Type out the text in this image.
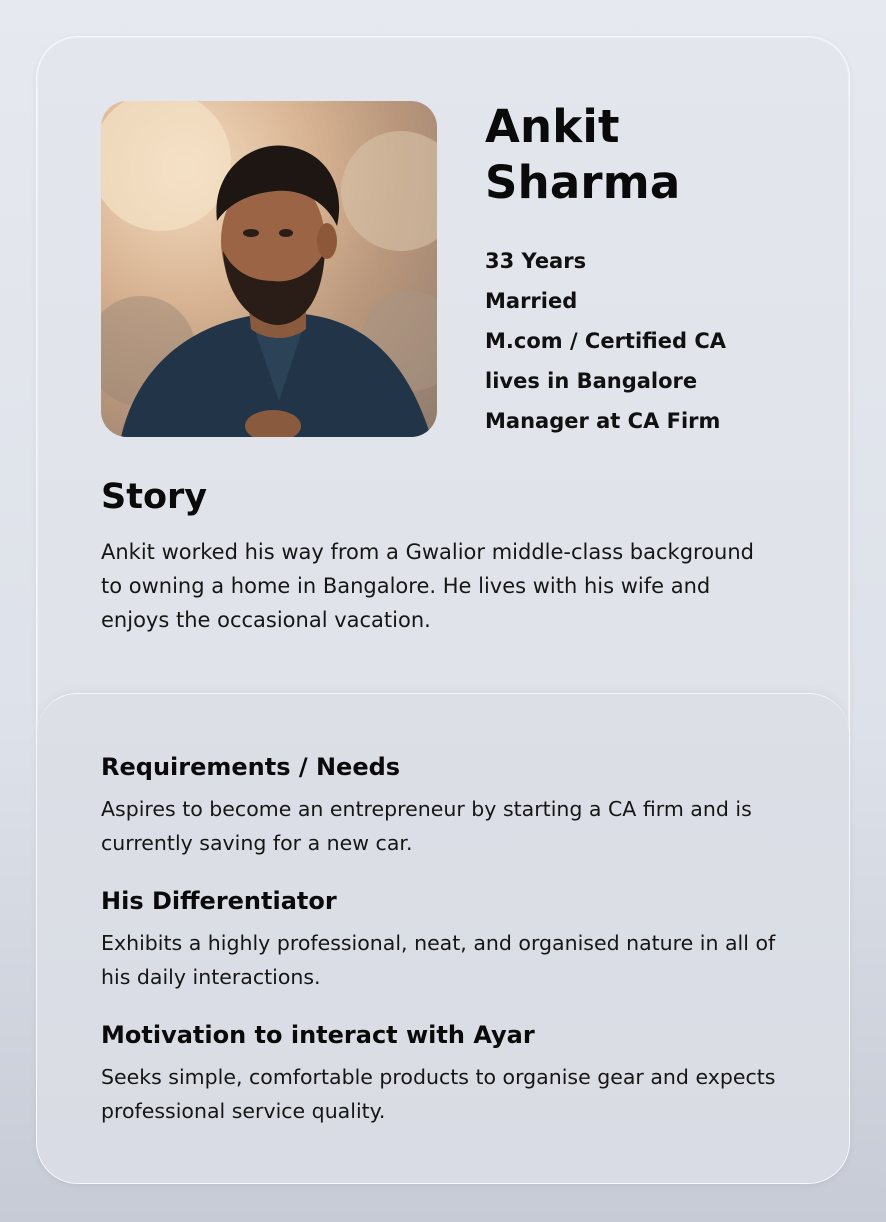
Ankit Sharma
33 Years
Married
M.com / Certified CA
lives in Bangalore
Manager at CA Firm
Story

Ankit worked his way from a Gwalior middle-class background to owning a home in Bangalore. He lives with his wife and enjoys the occasional vacation.

Requirements / Needs

Aspires to become an entrepreneur by starting a CA firm and is currently saving for a new car.

His Differentiator

Exhibits a highly professional, neat, and organised nature in all of his daily interactions.

Motivation to interact with Ayar

Seeks simple, comfortable products to organise gear and expects professional service quality.
